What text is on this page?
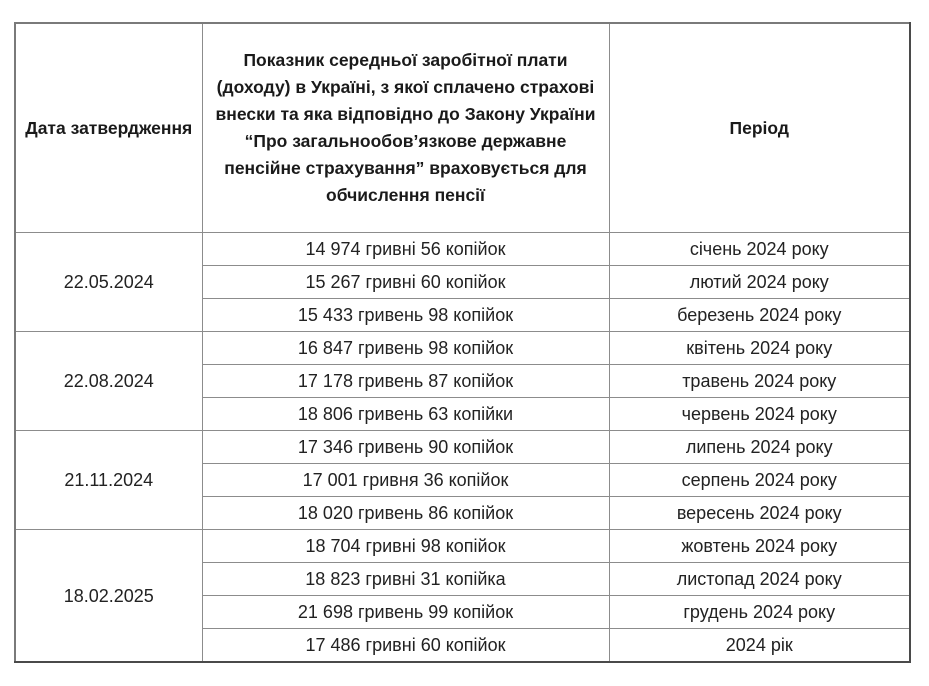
Дата затвердження	Показник середньої заробітної плати (доходу) в Україні, з якої сплачено страхові внески та яка відповідно до Закону України “Про загальнообов’язкове державне пенсійне страхування” враховується для обчислення пенсії	Період
22.05.2024	14 974 гривні 56 копійок	січень 2024 року
	15 267 гривні 60 копійок	лютий 2024 року
	15 433 гривень 98 копійок	березень 2024 року
22.08.2024	16 847 гривень 98 копійок	квітень 2024 року
	17 178 гривень 87 копійок	травень 2024 року
	18 806 гривень 63 копійки	червень 2024 року
21.11.2024	17 346 гривень 90 копійок	липень 2024 року
	17 001 гривня 36 копійок	серпень 2024 року
	18 020 гривень 86 копійок	вересень 2024 року
18.02.2025	18 704 гривні 98 копійок	жовтень 2024 року
	18 823 гривні 31 копійка	листопад 2024 року
	21 698 гривень 99 копійок	грудень 2024 року
	17 486 гривні 60 копійок	2024 рік
